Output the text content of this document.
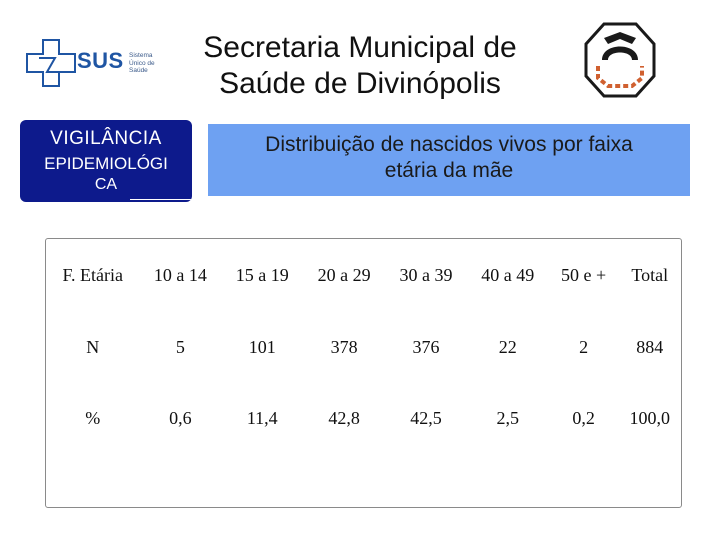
SUS Sistema
Único de
Saúde
Secretaria Municipal de
Saúde de Divinópolis
VIGILÂNCIA
EPIDEMIOLÓGI
CA
Distribuição de nascidos vivos por faixa
etária da mãe
F. Etária	10 a 14	15 a 19	20 a 29	30 a 39	40 a 49	50 e +	Total
N	5	101	378	376	22	2	884
%	0,6	11,4	42,8	42,5	2,5	0,2	100,0
